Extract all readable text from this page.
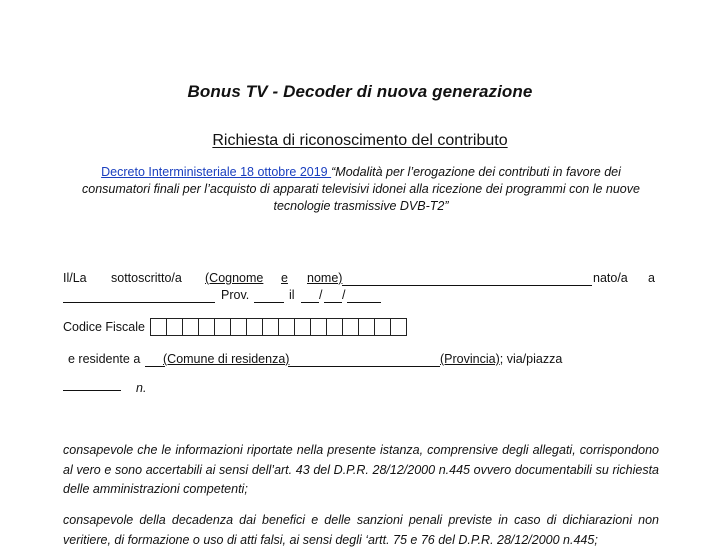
Bonus TV - Decoder di nuova generazione
Richiesta di riconoscimento del contributo
Decreto Interministeriale 18 ottobre 2019 “Modalità per l’erogazione dei contributi in favore dei consumatori finali per l’acquisto di apparati televisivi idonei alla ricezione dei programmi con le nuove tecnologie trasmissive DVB-T2”
Il/La sottoscritto/a (Cognome e nome)	nato/a a
Prov.	il / /
Codice Fiscale
e residente a (Comune di residenza)	(Provincia); via/piazza
n.
consapevole che le informazioni riportate nella presente istanza, comprensive degli allegati, corrispondono al vero e sono accertabili ai sensi dell’art. 43 del D.P.R. 28/12/2000 n.445 ovvero documentabili su richiesta delle amministrazioni competenti;
consapevole della decadenza dai benefici e delle sanzioni penali previste in caso di dichiarazioni non veritiere, di formazione o uso di atti falsi, ai sensi degli ‘artt. 75 e 76 del D.P.R. 28/12/2000 n.445;
